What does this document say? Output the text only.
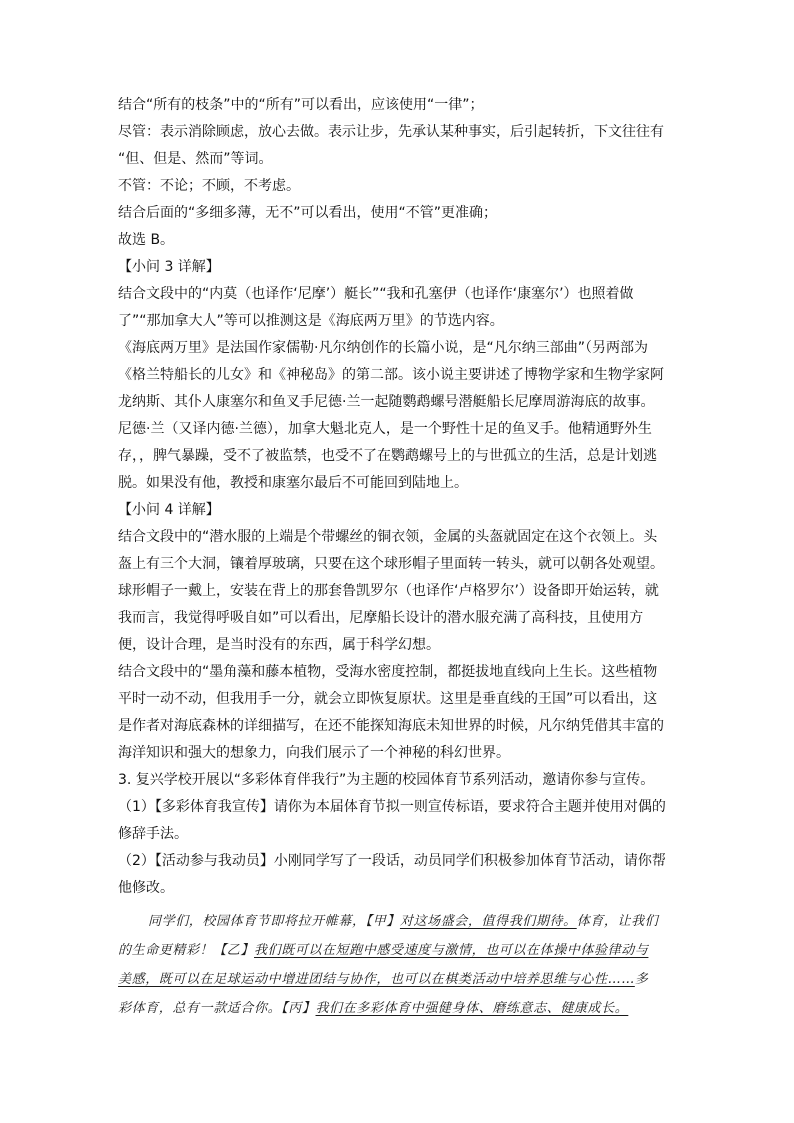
结合“所有的枝条”中的“所有”可以看出，应该使用“一律”；
尽管：表示消除顾虑，放心去做。表示让步，先承认某种事实，后引起转折，下文往往有
“但、但是、然而”等词。
不管：不论；不顾，不考虑。
结合后面的“多细多薄，无不”可以看出，使用“不管”更准确；
故选 B。
【小问 3 详解】
结合文段中的“内莫（也译作‘尼摩’）艇长”“我和孔塞伊（也译作‘康塞尔’）也照着做
了”“那加拿大人”等可以推测这是《海底两万里》的节选内容。
《海底两万里》是法国作家儒勒·凡尔纳创作的长篇小说，是“凡尔纳三部曲”（另两部为
《格兰特船长的儿女》和《神秘岛》的第二部。该小说主要讲述了博物学家和生物学家阿
龙纳斯、其仆人康塞尔和鱼叉手尼德·兰一起随鹦鹉螺号潜艇船长尼摩周游海底的故事。
尼德·兰（又译内德·兰德），加拿大魁北克人，是一个野性十足的鱼叉手。他精通野外生
存，，脾气暴躁，受不了被监禁，也受不了在鹦鹉螺号上的与世孤立的生活，总是计划逃
脱。如果没有他，教授和康塞尔最后不可能回到陆地上。
【小问 4 详解】
结合文段中的“潜水服的上端是个带螺丝的铜衣领，金属的头盔就固定在这个衣领上。头
盔上有三个大洞，镶着厚玻璃，只要在这个球形帽子里面转一转头，就可以朝各处观望。
球形帽子一戴上，安装在背上的那套鲁凯罗尔（也译作‘卢格罗尔’）设备即开始运转，就
我而言，我觉得呼吸自如”可以看出，尼摩船长设计的潜水服充满了高科技，且使用方
便，设计合理，是当时没有的东西，属于科学幻想。
结合文段中的“墨角藻和藤本植物，受海水密度控制，都挺拔地直线向上生长。这些植物
平时一动不动，但我用手一分，就会立即恢复原状。这里是垂直线的王国”可以看出，这
是作者对海底森林的详细描写，在还不能探知海底未知世界的时候，凡尔纳凭借其丰富的
海洋知识和强大的想象力，向我们展示了一个神秘的科幻世界。
3. 复兴学校开展以“多彩体育伴我行”为主题的校园体育节系列活动，邀请你参与宣传。
（1）【多彩体育我宣传】请你为本届体育节拟一则宣传标语，要求符合主题并使用对偶的
修辞手法。
（2）【活动参与我动员】小刚同学写了一段话，动员同学们积极参加体育节活动，请你帮
他修改。
同学们，校园体育节即将拉开帷幕，【甲】对这场盛会，值得我们期待。体育，让我们
的生命更精彩！【乙】我们既可以在短跑中感受速度与激情，也可以在体操中体验律动与
美感，既可以在足球运动中增进团结与协作，也可以在棋类活动中培养思维与心性……多
彩体育，总有一款适合你。【丙】我们在多彩体育中强健身体、磨练意志、健康成长。
